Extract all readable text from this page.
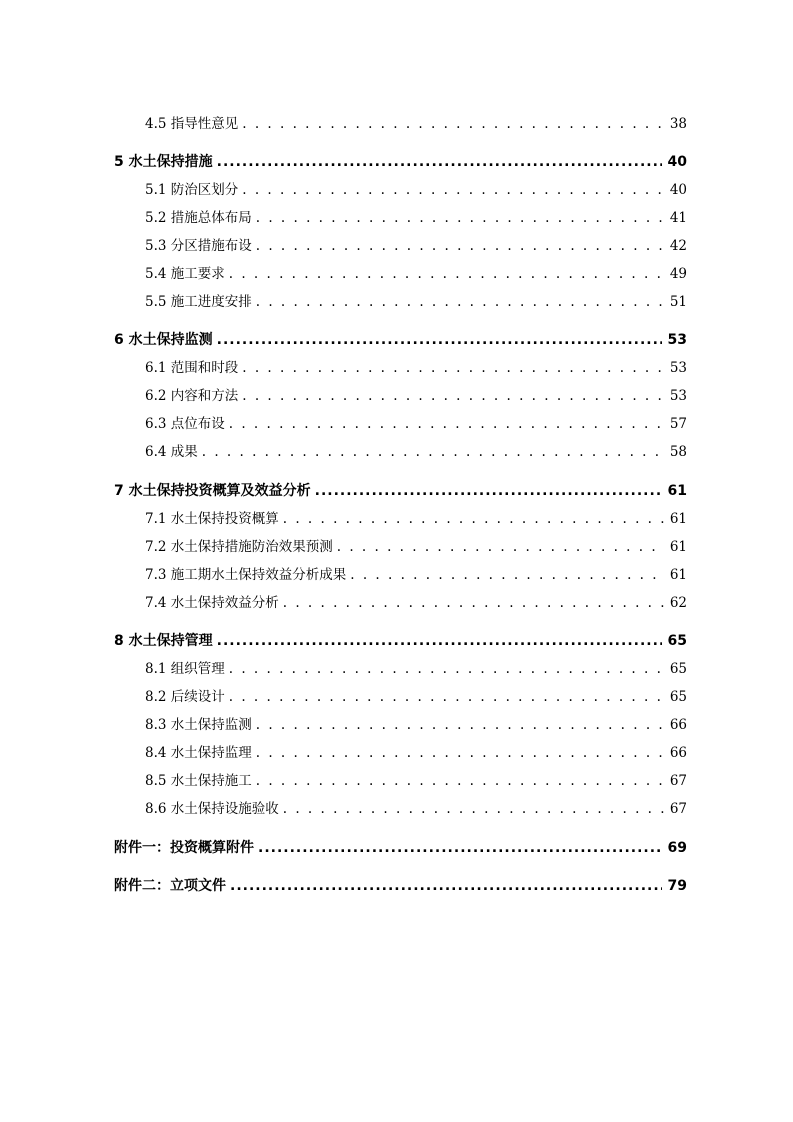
4.5 指导性意见 . . .	38
5 水土保持措施 .....	40
5.1 防治区划分 . . .	40
5.2 措施总体布局 . . .	41
5.3 分区措施布设 . . .	42
5.4 施工要求 . . .	49
5.5 施工进度安排 . . .	51
6 水土保持监测 .....	53
6.1 范围和时段 . . .	53
6.2 内容和方法 . . .	53
6.3 点位布设 . . .	57
6.4 成果 . . .	58
7 水土保持投资概算及效益分析 .....	61
7.1 水土保持投资概算 . . .	61
7.2 水土保持措施防治效果预测 . . .	61
7.3 施工期水土保持效益分析成果 . . .	61
7.4 水土保持效益分析 . . .	62
8 水土保持管理 .....	65
8.1 组织管理 . . .	65
8.2 后续设计 . . .	65
8.3 水土保持监测 . . .	66
8.4 水土保持监理 . . .	66
8.5 水土保持施工 . . .	67
8.6 水土保持设施验收 . . .	67
附件一：投资概算附件 .....	69
附件二：立项文件 .....	79
